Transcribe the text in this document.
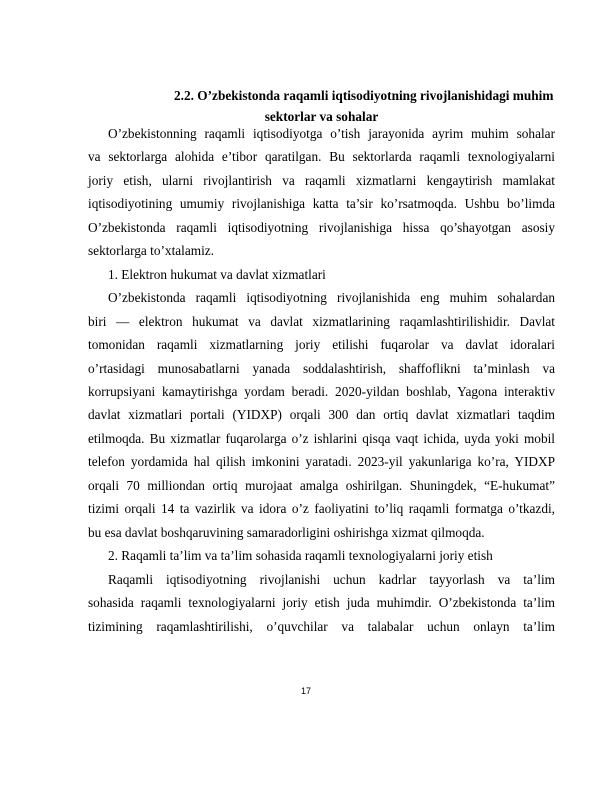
2.2. O’zbekistonda raqamli iqtisodiyotning rivojlanishidagi muhim
sektorlar va sohalar
O’zbekistonning raqamli iqtisodiyotga o’tish jarayonida ayrim muhim sohalar
va sektorlarga alohida e’tibor qaratilgan. Bu sektorlarda raqamli texnologiyalarni
joriy etish, ularni rivojlantirish va raqamli xizmatlarni kengaytirish mamlakat
iqtisodiyotining umumiy rivojlanishiga katta ta’sir ko’rsatmoqda. Ushbu bo’limda
O’zbekistonda raqamli iqtisodiyotning rivojlanishiga hissa qo’shayotgan asosiy
sektorlarga to’xtalamiz.
1. Elektron hukumat va davlat xizmatlari
O’zbekistonda raqamli iqtisodiyotning rivojlanishida eng muhim sohalardan
biri — elektron hukumat va davlat xizmatlarining raqamlashtirilishidir. Davlat
tomonidan raqamli xizmatlarning joriy etilishi fuqarolar va davlat idoralari
o’rtasidagi munosabatlarni yanada soddalashtirish, shaffoflikni ta’minlash va
korrupsiyani kamaytirishga yordam beradi. 2020-yildan boshlab, Yagona interaktiv
davlat xizmatlari portali (YIDXP) orqali 300 dan ortiq davlat xizmatlari taqdim
etilmoqda. Bu xizmatlar fuqarolarga o’z ishlarini qisqa vaqt ichida, uyda yoki mobil
telefon yordamida hal qilish imkonini yaratadi. 2023-yil yakunlariga ko’ra, YIDXP
orqali 70 milliondan ortiq murojaat amalga oshirilgan. Shuningdek, “E-hukumat”
tizimi orqali 14 ta vazirlik va idora o’z faoliyatini to’liq raqamli formatga o’tkazdi,
bu esa davlat boshqaruvining samaradorligini oshirishga xizmat qilmoqda.
2. Raqamli ta’lim va ta’lim sohasida raqamli texnologiyalarni joriy etish
Raqamli iqtisodiyotning rivojlanishi uchun kadrlar tayyorlash va ta’lim
sohasida raqamli texnologiyalarni joriy etish juda muhimdir. O’zbekistonda ta’lim
tizimining raqamlashtirilishi, o’quvchilar va talabalar uchun onlayn ta’lim
17
